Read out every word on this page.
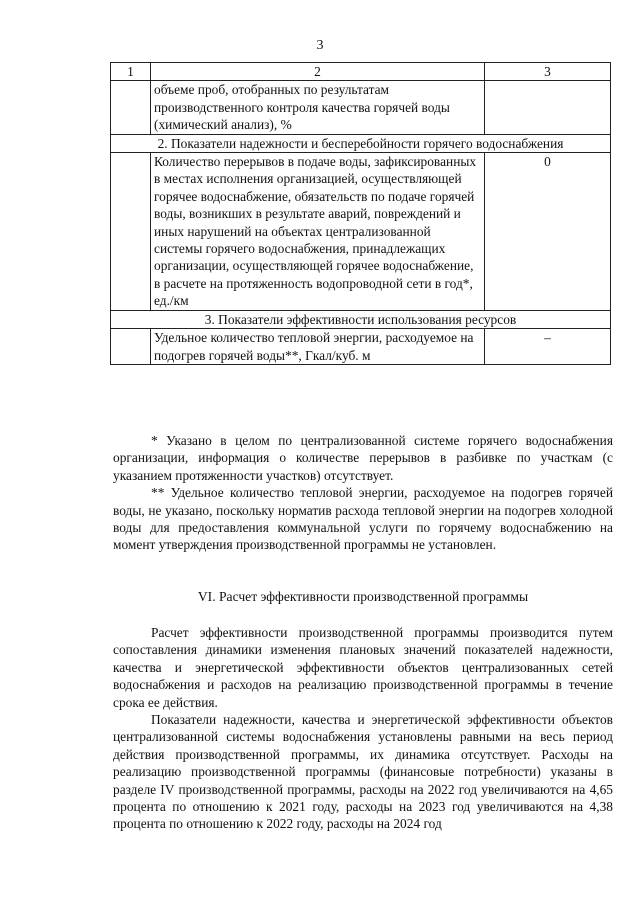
3
1	2	3
	объеме проб, отобранных по результатам производственного контроля качества горячей воды (химический анализ), %	
2. Показатели надежности и бесперебойности горячего водоснабжения		
	Количество перерывов в подаче воды, зафиксированных в местах исполнения организацией, осуществляющей горячее водоснабжение, обязательств по подаче горячей воды, возникших в результате аварий, повреждений и иных нарушений на объектах централизованной системы горячего водоснабжения, принадлежащих организации, осуществляющей горячее водоснабжение, в расчете на протяженность водопроводной сети в год*, ед./км	0
3. Показатели эффективности использования ресурсов		
	Удельное количество тепловой энергии, расходуемое на подогрев горячей воды**, Гкал/куб. м	–

* Указано в целом по централизованной системе горячего водоснабжения организации, информация о количестве перерывов в разбивке по участкам (с указанием протяженности участков) отсутствует.

** Удельное количество тепловой энергии, расходуемое на подогрев горячей воды, не указано, поскольку норматив расхода тепловой энергии на подогрев холодной воды для предоставления коммунальной услуги по горячему водоснабжению на момент утверждения производственной программы не установлен.

VI. Расчет эффективности производственной программы

Расчет эффективности производственной программы производится путем сопоставления динамики изменения плановых значений показателей надежности, качества и энергетической эффективности объектов централизованных сетей водоснабжения и расходов на реализацию производственной программы в течение срока ее действия.

Показатели надежности, качества и энергетической эффективности объектов централизованной системы водоснабжения установлены равными на весь период действия производственной программы, их динамика отсутствует. Расходы на реализацию производственной программы (финансовые потребности) указаны в разделе IV производственной программы, расходы на 2022 год увеличиваются на 4,65 процента по отношению к 2021 году, расходы на 2023 год увеличиваются на 4,38 процента по отношению к 2022 году, расходы на 2024 год
